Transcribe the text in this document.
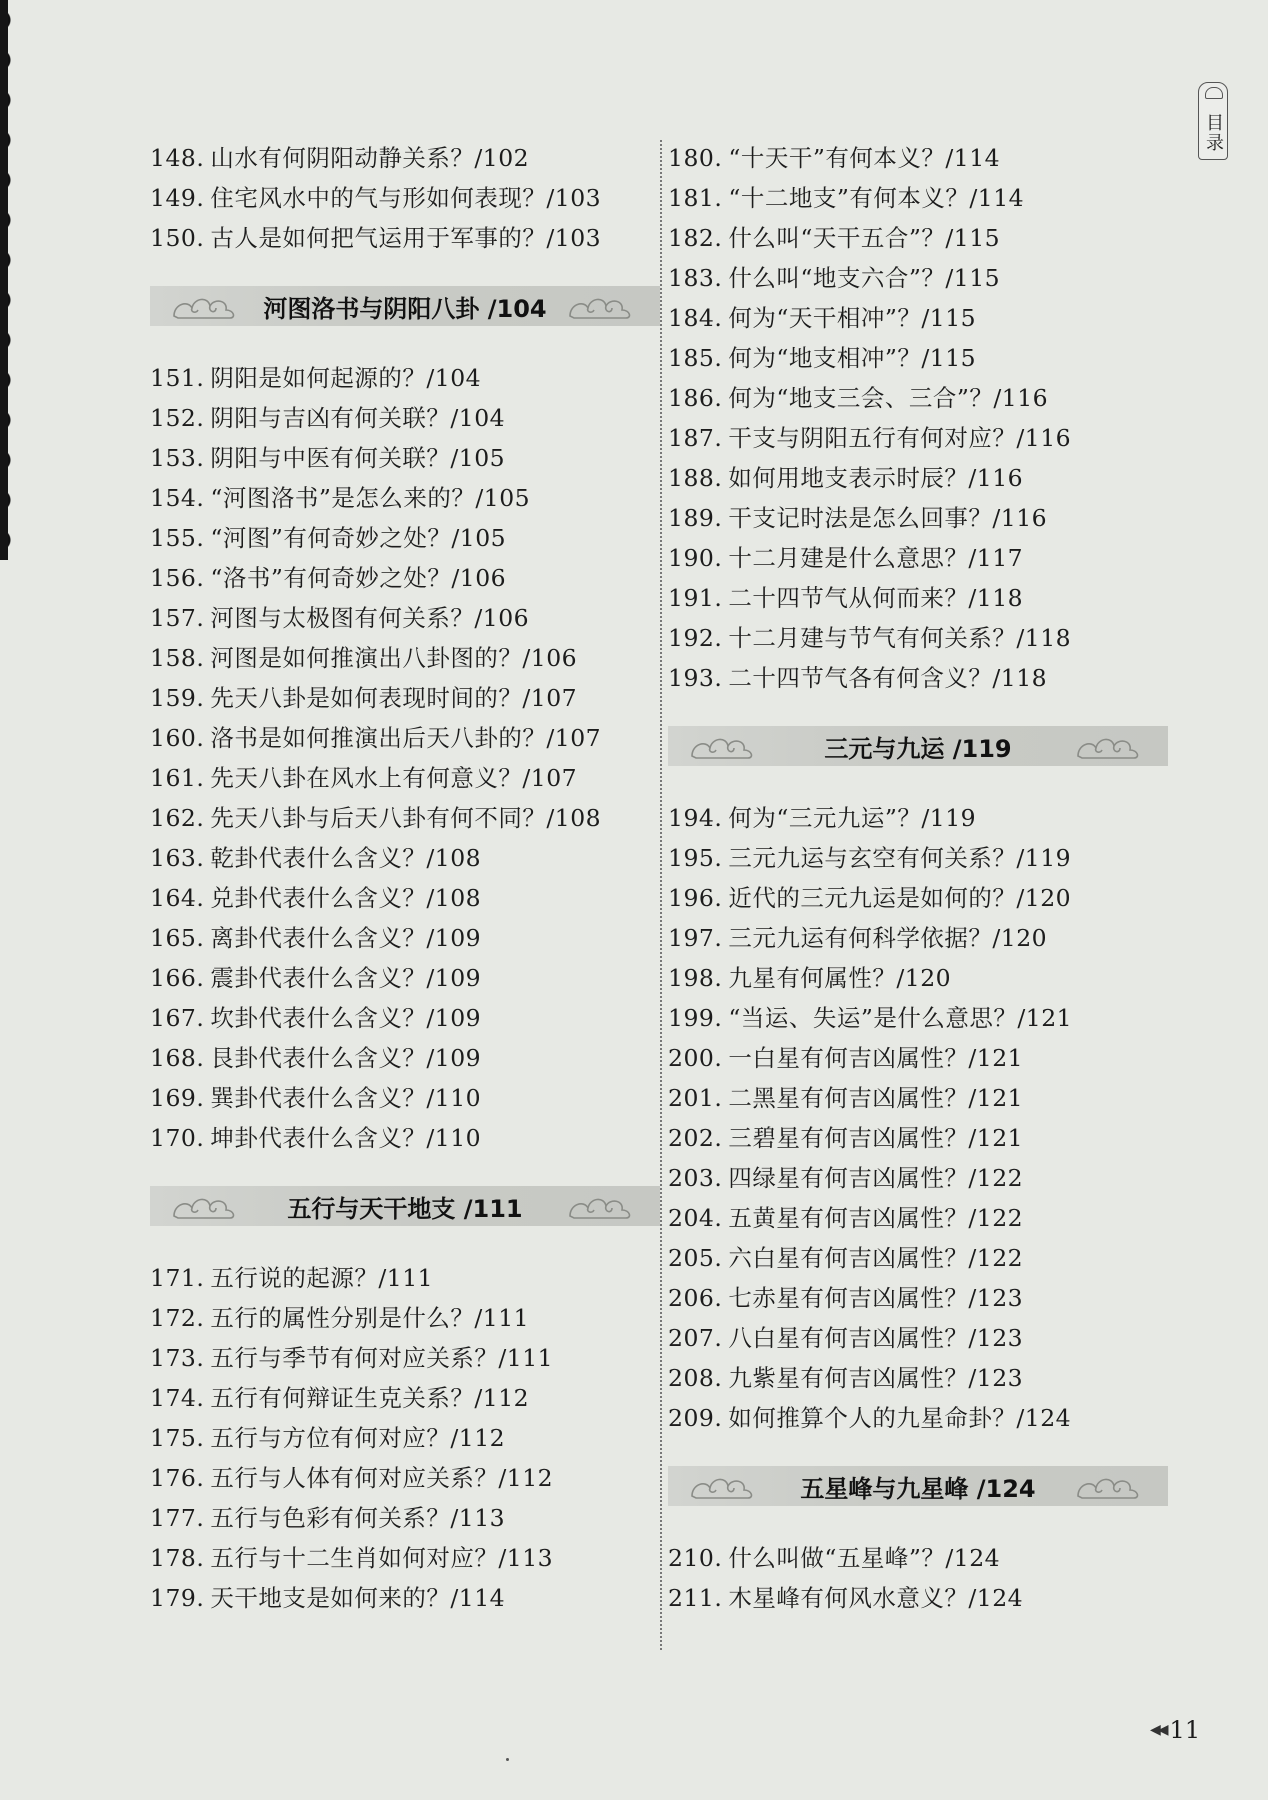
目录
148. 山水有何阴阳动静关系？/102
149. 住宅风水中的气与形如何表现？/103
150. 古人是如何把气运用于军事的？/103
河图洛书与阴阳八卦 /104
151. 阴阳是如何起源的？/104
152. 阴阳与吉凶有何关联？/104
153. 阴阳与中医有何关联？/105
154. “河图洛书”是怎么来的？/105
155. “河图”有何奇妙之处？/105
156. “洛书”有何奇妙之处？/106
157. 河图与太极图有何关系？/106
158. 河图是如何推演出八卦图的？/106
159. 先天八卦是如何表现时间的？/107
160. 洛书是如何推演出后天八卦的？/107
161. 先天八卦在风水上有何意义？/107
162. 先天八卦与后天八卦有何不同？/108
163. 乾卦代表什么含义？/108
164. 兑卦代表什么含义？/108
165. 离卦代表什么含义？/109
166. 震卦代表什么含义？/109
167. 坎卦代表什么含义？/109
168. 艮卦代表什么含义？/109
169. 巽卦代表什么含义？/110
170. 坤卦代表什么含义？/110
五行与天干地支 /111
171. 五行说的起源？/111
172. 五行的属性分别是什么？/111
173. 五行与季节有何对应关系？/111
174. 五行有何辩证生克关系？/112
175. 五行与方位有何对应？/112
176. 五行与人体有何对应关系？/112
177. 五行与色彩有何关系？/113
178. 五行与十二生肖如何对应？/113
179. 天干地支是如何来的？/114
180. “十天干”有何本义？/114
181. “十二地支”有何本义？/114
182. 什么叫“天干五合”？/115
183. 什么叫“地支六合”？/115
184. 何为“天干相冲”？/115
185. 何为“地支相冲”？/115
186. 何为“地支三会、三合”？/116
187. 干支与阴阳五行有何对应？/116
188. 如何用地支表示时辰？/116
189. 干支记时法是怎么回事？/116
190. 十二月建是什么意思？/117
191. 二十四节气从何而来？/118
192. 十二月建与节气有何关系？/118
193. 二十四节气各有何含义？/118
三元与九运 /119
194. 何为“三元九运”？/119
195. 三元九运与玄空有何关系？/119
196. 近代的三元九运是如何的？/120
197. 三元九运有何科学依据？/120
198. 九星有何属性？/120
199. “当运、失运”是什么意思？/121
200. 一白星有何吉凶属性？/121
201. 二黑星有何吉凶属性？/121
202. 三碧星有何吉凶属性？/121
203. 四绿星有何吉凶属性？/122
204. 五黄星有何吉凶属性？/122
205. 六白星有何吉凶属性？/122
206. 七赤星有何吉凶属性？/123
207. 八白星有何吉凶属性？/123
208. 九紫星有何吉凶属性？/123
209. 如何推算个人的九星命卦？/124
五星峰与九星峰 /124
210. 什么叫做“五星峰”？/124
211. 木星峰有何风水意义？/124
◀◀ 11
